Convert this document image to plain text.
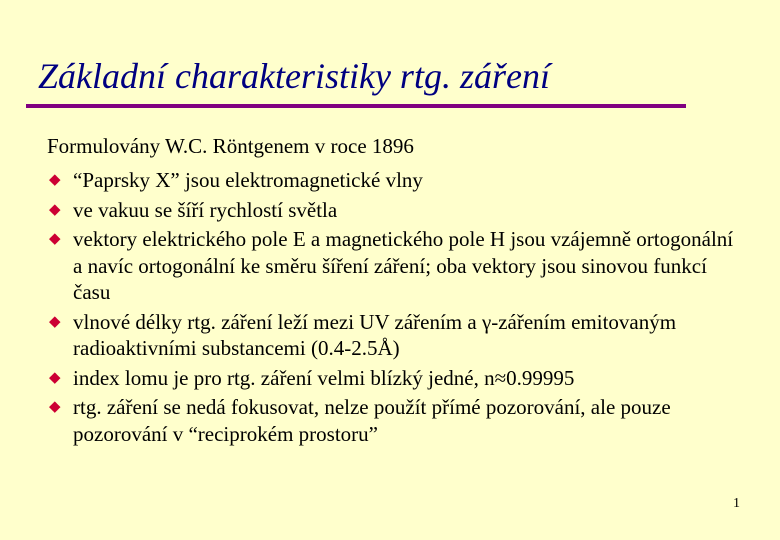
Základní charakteristiky rtg. záření
Formulovány W.C. Röntgenem v roce 1896
◆ “Paprsky X” jsou elektromagnetické vlny
◆ ve vakuu se šíří rychlostí světla
◆ vektory elektrického pole E a magnetického pole H jsou vzájemně ortogonální a navíc ortogonální ke směru šíření záření; oba vektory jsou sinovou funkcí času
◆ vlnové délky rtg. záření leží mezi UV zářením a γ-zářením emitovaným radioaktivními substancemi (0.4-2.5Å)
◆ index lomu je pro rtg. záření velmi blízký jedné, n≈0.99995
◆ rtg. záření se nedá fokusovat, nelze použít přímé pozorování, ale pouze pozorování v “reciprokém prostoru”
1
